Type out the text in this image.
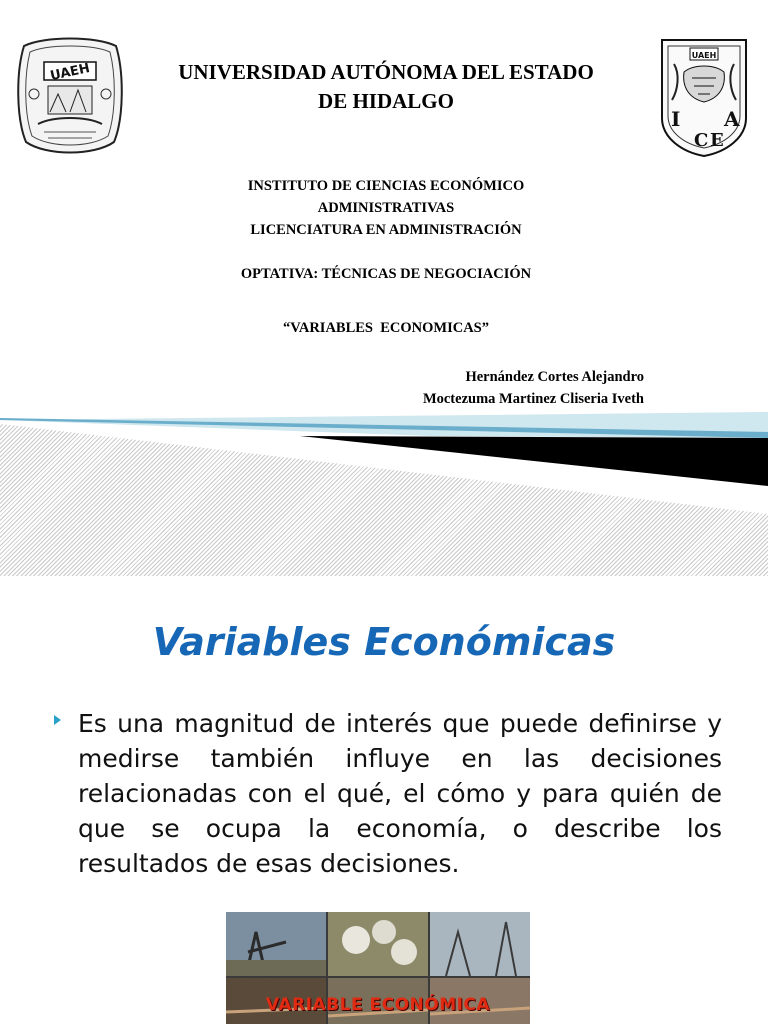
UAEH	UNIVERSIDAD AUTÓNOMA DEL ESTADO
DE HIDALGO
UAEH
I
C E
A
INSTITUTO DE CIENCIAS ECONÓMICO
ADMINISTRATIVAS
LICENCIATURA EN ADMINISTRACIÓN
OPTATIVA: TÉCNICAS DE NEGOCIACIÓN
“VARIABLES  ECONOMICAS”
Hernández Cortes Alejandro
Moctezuma Martinez Cliseria Iveth
Variables Económicas

Es una magnitud de interés que puede definirse y medirse también influye en las decisiones relacionadas con el qué, el cómo y para quién de que se ocupa la economía, o describe los resultados de esas decisiones.

VARIABLE ECONÓMICA
